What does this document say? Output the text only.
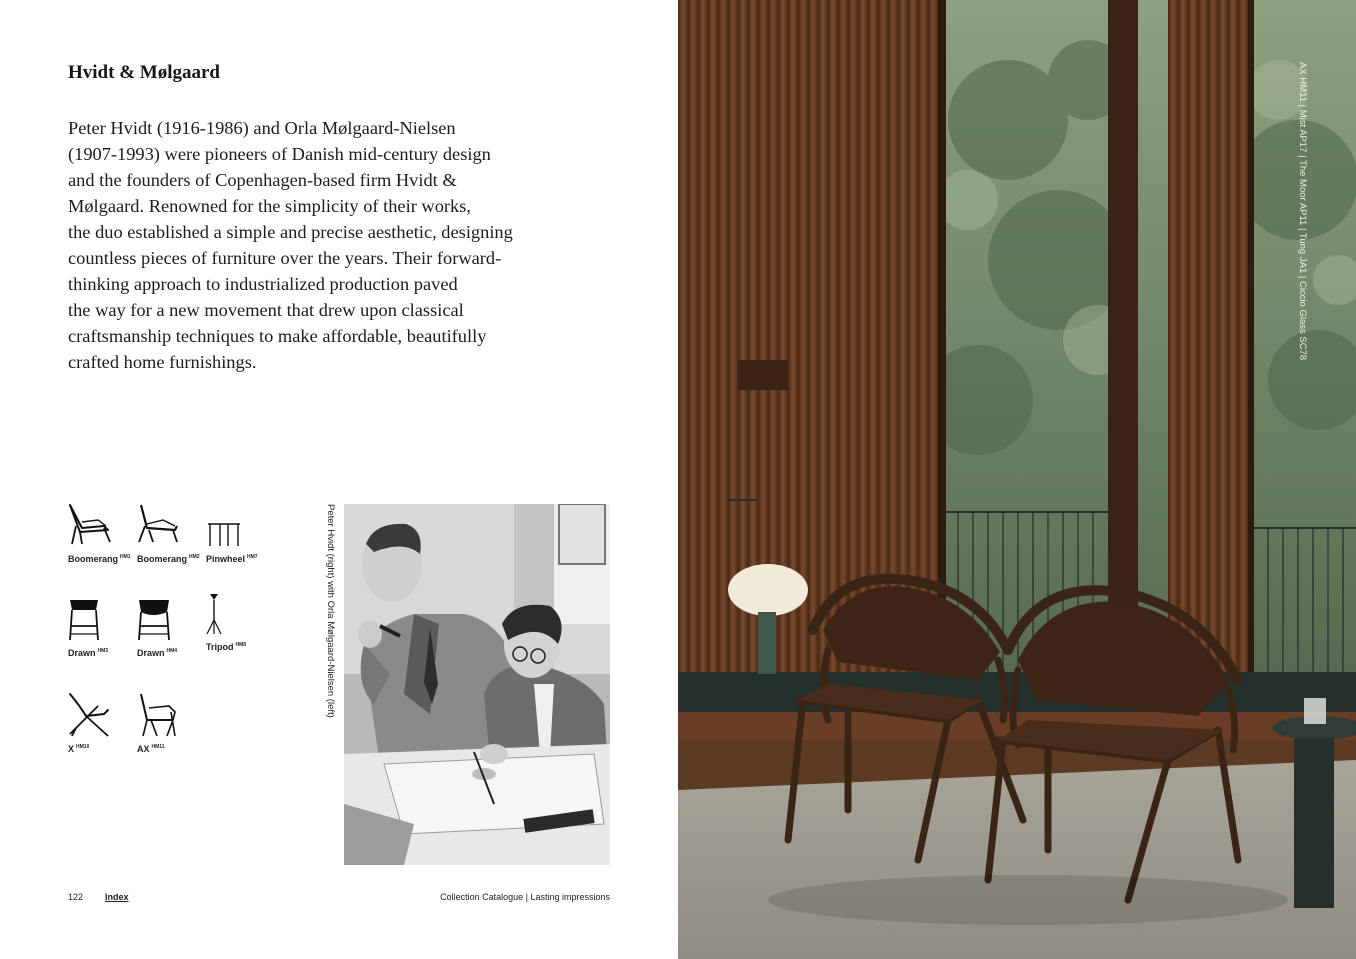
Hvidt & Mølgaard
Peter Hvidt (1916-1986) and Orla Mølgaard-Nielsen
(1907-1993) were pioneers of Danish mid-century design
and the founders of Copenhagen-based firm Hvidt &
Mølgaard. Renowned for the simplicity of their works,
the duo established a simple and precise aesthetic, designing
countless pieces of furniture over the years. Their forward-
thinking approach to industrialized production paved
the way for a new movement that drew upon classical
craftsmanship techniques to make affordable, beautifully
crafted home furnishings.
Boomerang $^{HM1}$ Boomerang $^{HM2}$ Pinwheel $^{HM7}$
Drawn $^{HM3}$	Drawn $^{HM4}$	Tripod $^{HM8}$
X $^{HM10}$	AX $^{HM11}$
Peter Hvidt (right) with Orla Mølgaard-Nielsen (left)
122 Index	Collection Catalogue | Lasting impressions
AX HM11 | Mist AP17 | The Moor AP11 | Tung JA1 | Ciccio Glass SC78
